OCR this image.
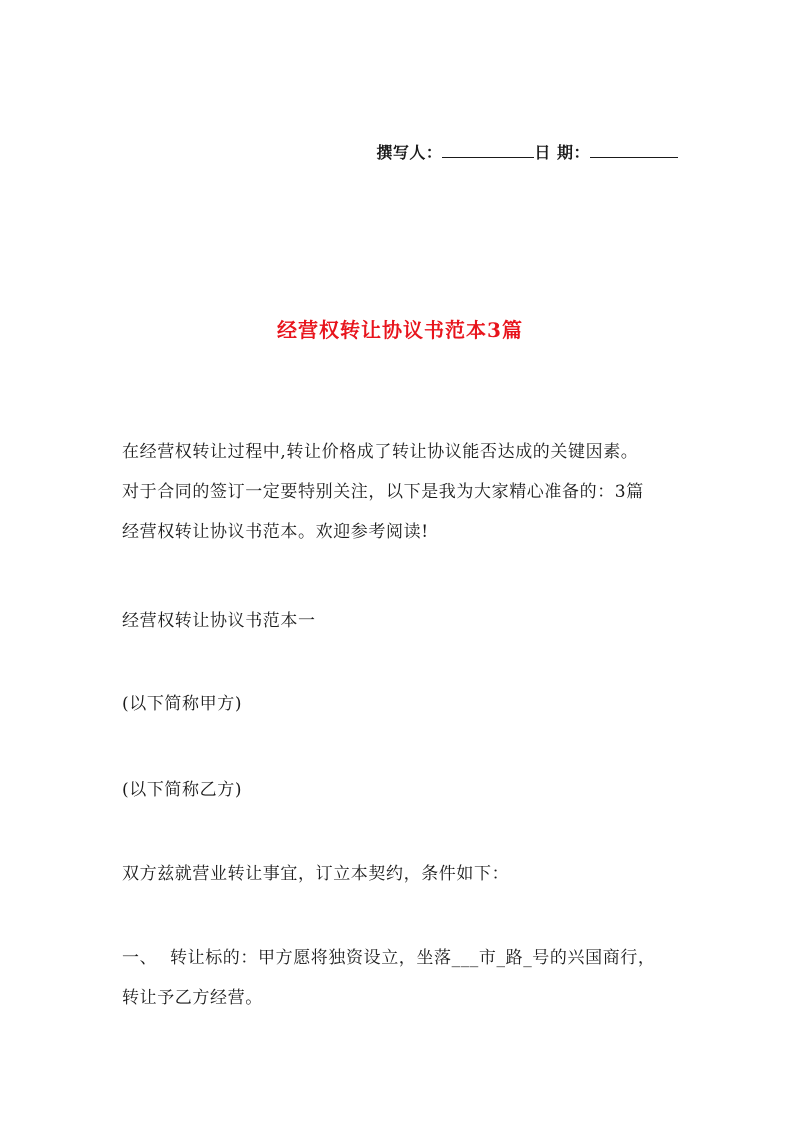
撰写人：	日 期：
经营权转让协议书范本3篇
在经营权转让过程中,转让价格成了转让协议能否达成的关键因素。
对于合同的签订一定要特别关注，以下是我为大家精心准备的：3篇
经营权转让协议书范本。欢迎参考阅读!
经营权转让协议书范本一
(以下简称甲方)
(以下简称乙方)
双方兹就营业转让事宜，订立本契约，条件如下：
一、 转让标的：甲方愿将独资设立，坐落___市_路_号的兴国商行，
转让予乙方经营。
